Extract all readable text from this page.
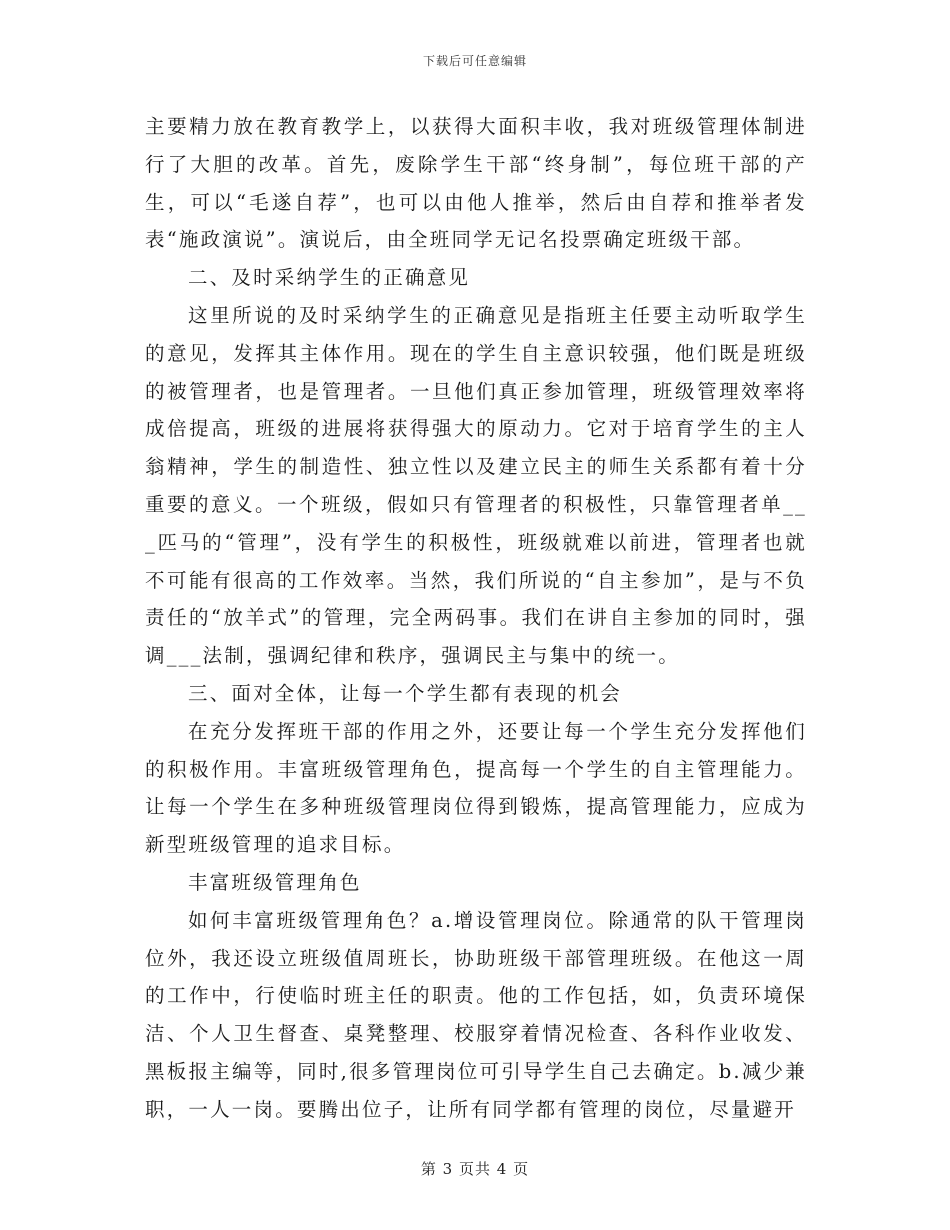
下载后可任意编辑

主要精力放在教育教学上，以获得大面积丰收，我对班级管理体制进行了大胆的改革。首先，废除学生干部“终身制”，每位班干部的产生，可以“毛遂自荐”，也可以由他人推举，然后由自荐和推举者发表“施政演说”。演说后，由全班同学无记名投票确定班级干部。

二、及时采纳学生的正确意见

这里所说的及时采纳学生的正确意见是指班主任要主动听取学生的意见，发挥其主体作用。现在的学生自主意识较强，他们既是班级的被管理者，也是管理者。一旦他们真正参加管理，班级管理效率将成倍提高，班级的进展将获得强大的原动力。它对于培育学生的主人翁精神，学生的制造性、独立性以及建立民主的师生关系都有着十分重要的意义。一个班级，假如只有管理者的积极性，只靠管理者单___匹马的“管理”，没有学生的积极性，班级就难以前进，管理者也就不可能有很高的工作效率。当然，我们所说的“自主参加”，是与不负责任的“放羊式”的管理，完全两码事。我们在讲自主参加的同时，强调___法制，强调纪律和秩序，强调民主与集中的统一。

三、面对全体，让每一个学生都有表现的机会

在充分发挥班干部的作用之外，还要让每一个学生充分发挥他们的积极作用。丰富班级管理角色，提高每一个学生的自主管理能力。让每一个学生在多种班级管理岗位得到锻炼，提高管理能力，应成为新型班级管理的追求目标。

丰富班级管理角色

如何丰富班级管理角色？a.增设管理岗位。除通常的队干管理岗位外，我还设立班级值周班长，协助班级干部管理班级。在他这一周的工作中，行使临时班主任的职责。他的工作包括，如，负责环境保洁、个人卫生督查、桌凳整理、校服穿着情况检查、各科作业收发、黑板报主编等，同时,很多管理岗位可引导学生自己去确定。b.减少兼职，一人一岗。要腾出位子，让所有同学都有管理的岗位，尽量避开

第 3 页共 4 页
